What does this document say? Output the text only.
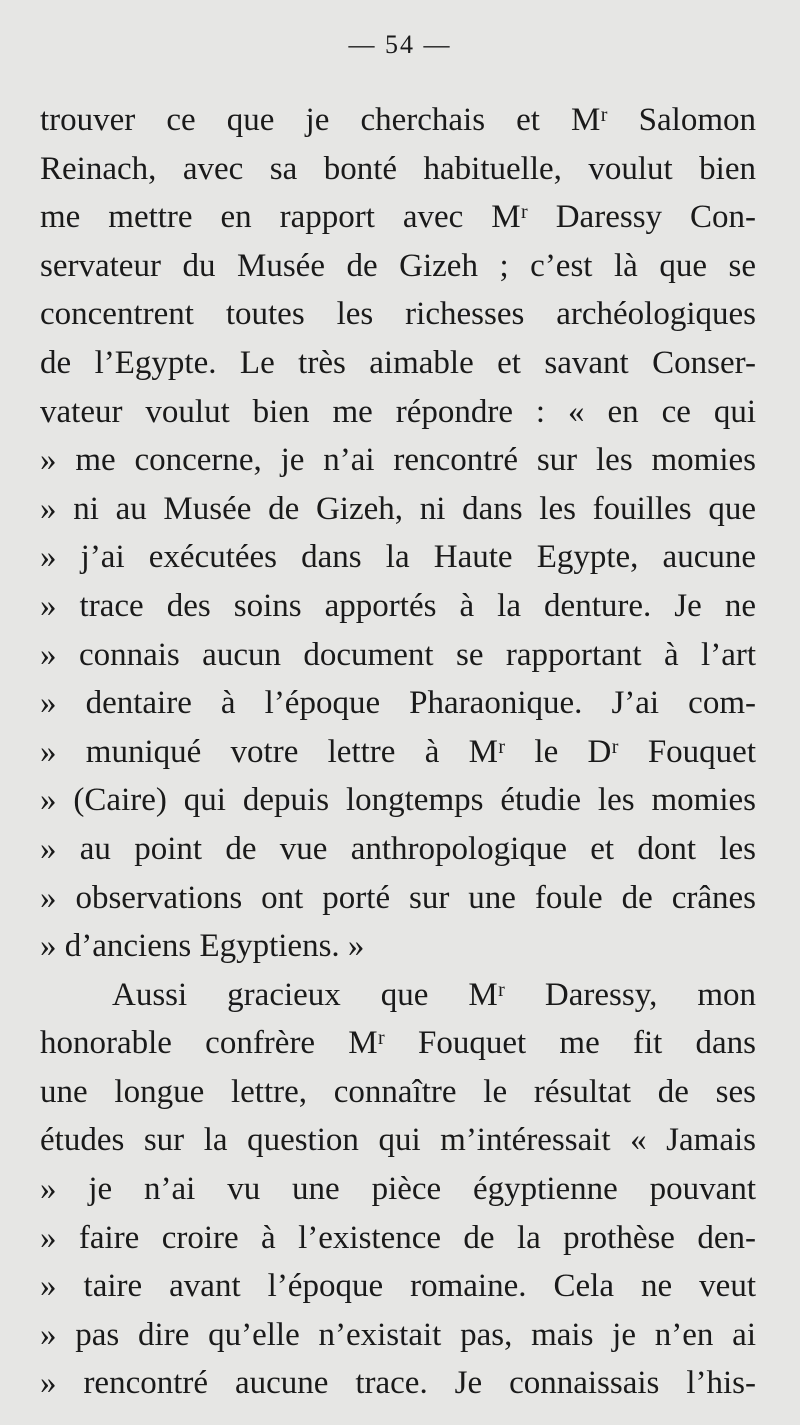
— 54 —
trouver ce que je cherchais et Mʳ Salomon
Reinach, avec sa bonté habituelle, voulut bien
me mettre en rapport avec Mʳ Daressy Con-
servateur du Musée de Gizeh ; c’est là que se
concentrent toutes les richesses archéologiques
de l’Egypte. Le très aimable et savant Conser-
vateur voulut bien me répondre : « en ce qui
» me concerne, je n’ai rencontré sur les momies
» ni au Musée de Gizeh, ni dans les fouilles que
» j’ai exécutées dans la Haute Egypte, aucune
» trace des soins apportés à la denture. Je ne
» connais aucun document se rapportant à l’art
» dentaire à l’époque Pharaonique. J’ai com-
» muniqué votre lettre à Mʳ le Dʳ Fouquet
» (Caire) qui depuis longtemps étudie les momies
» au point de vue anthropologique et dont les
» observations ont porté sur une foule de crânes
» d’anciens Egyptiens. »
Aussi gracieux que Mʳ Daressy, mon
honorable confrère Mʳ Fouquet me fit dans
une longue lettre, connaître le résultat de ses
études sur la question qui m’intéressait « Jamais
» je n’ai vu une pièce égyptienne pouvant
» faire croire à l’existence de la prothèse den-
» taire avant l’époque romaine. Cela ne veut
» pas dire qu’elle n’existait pas, mais je n’en ai
» rencontré aucune trace. Je connaissais l’his-
